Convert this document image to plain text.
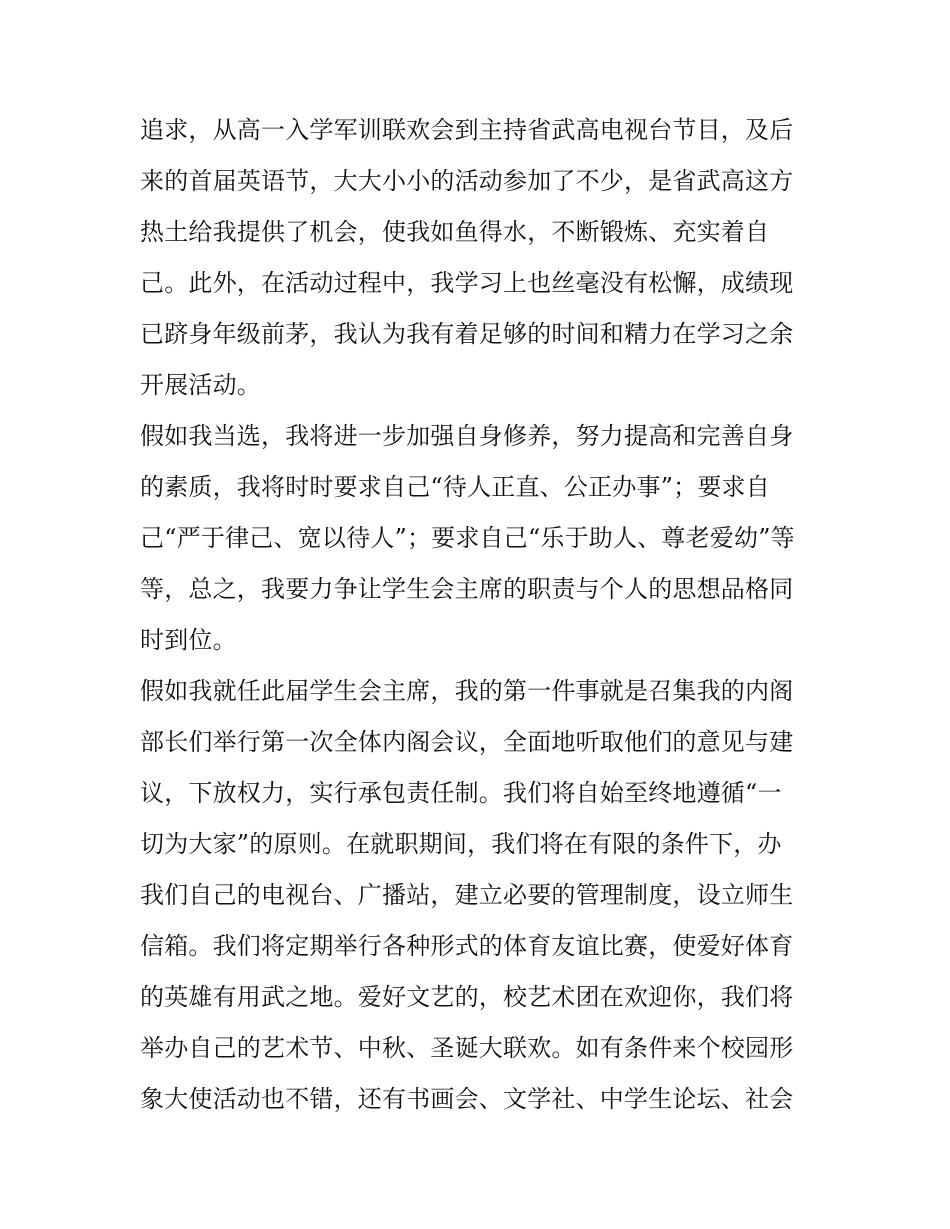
追求，从高一入学军训联欢会到主持省武高电视台节目，及后
来的首届英语节，大大小小的活动参加了不少，是省武高这方
热土给我提供了机会，使我如鱼得水，不断锻炼、充实着自
己。此外，在活动过程中，我学习上也丝毫没有松懈，成绩现
已跻身年级前茅，我认为我有着足够的时间和精力在学习之余
开展活动。
假如我当选，我将进一步加强自身修养，努力提高和完善自身
的素质，我将时时要求自己“待人正直、公正办事”；要求自
己“严于律己、宽以待人”；要求自己“乐于助人、尊老爱幼”等
等，总之，我要力争让学生会主席的职责与个人的思想品格同
时到位。
假如我就任此届学生会主席，我的第一件事就是召集我的内阁
部长们举行第一次全体内阁会议，全面地听取他们的意见与建
议，下放权力，实行承包责任制。我们将自始至终地遵循“一
切为大家”的原则。在就职期间，我们将在有限的条件下，办
我们自己的电视台、广播站，建立必要的管理制度，设立师生
信箱。我们将定期举行各种形式的体育友谊比赛，使爱好体育
的英雄有用武之地。爱好文艺的，校艺术团在欢迎你，我们将
举办自己的艺术节、中秋、圣诞大联欢。如有条件来个校园形
象大使活动也不错，还有书画会、文学社、中学生论坛、社会
